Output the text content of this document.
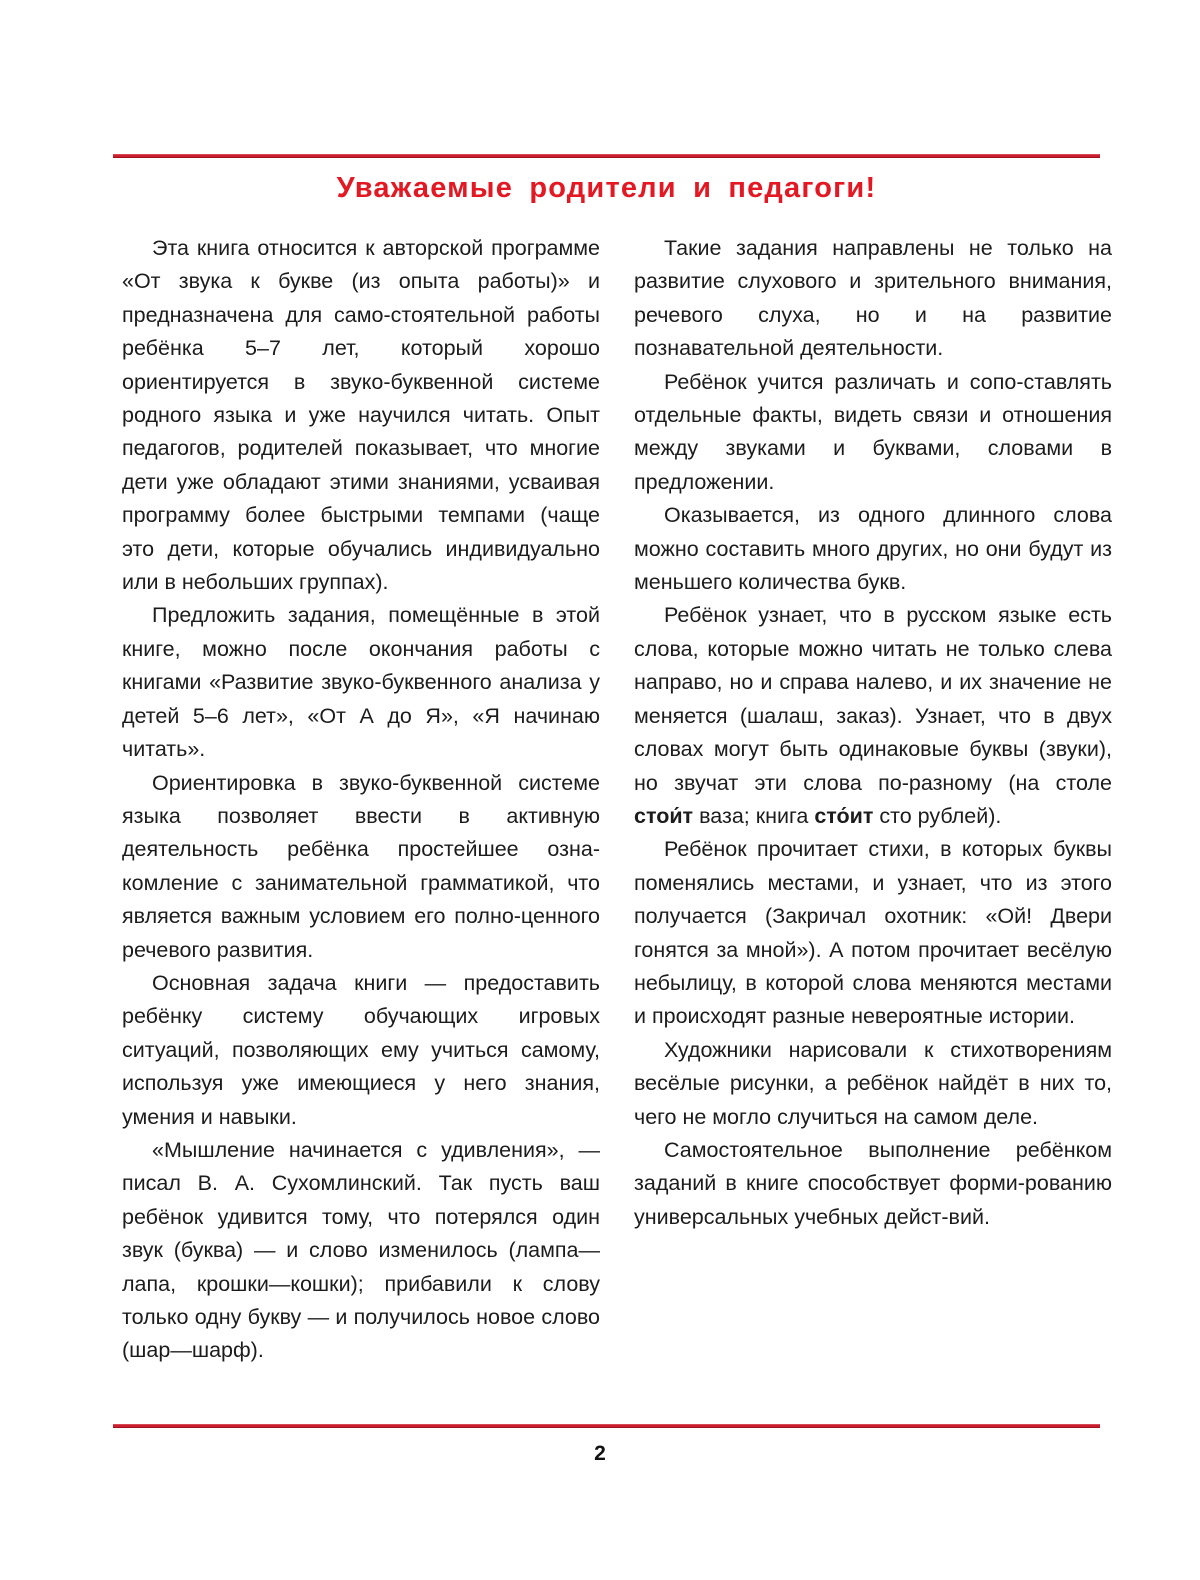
Уважаемые родители и педагоги!

Эта книга относится к авторской программе «От звука к букве (из опыта работы)» и предназначена для само-стоятельной работы ребёнка 5–7 лет, который хорошо ориентируется в звуко-буквенной системе родного языка и уже научился читать. Опыт педагогов, родителей показывает, что многие дети уже обладают этими знаниями, усваивая программу более быстрыми темпами (чаще это дети, которые обучались индивидуально или в небольших группах).

Предложить задания, помещённые в этой книге, можно после окончания работы с книгами «Развитие звуко-буквенного анализа у детей 5–6 лет», «От А до Я», «Я начинаю читать».

Ориентировка в звуко-буквенной системе языка позволяет ввести в активную деятельность ребёнка простейшее озна-комление с занимательной грамматикой, что является важным условием его полно-ценного речевого развития.

Основная задача книги — предоставить ребёнку систему обучающих игровых ситуаций, позволяющих ему учиться самому, используя уже имеющиеся у него знания, умения и навыки.

«Мышление начинается с удивления», — писал В. А. Сухомлинский. Так пусть ваш ребёнок удивится тому, что потерялся один звук (буква) — и слово изменилось (лампа—лапа, крошки—кошки); прибавили к слову только одну букву — и получилось новое слово (шар—шарф).

Такие задания направлены не только на развитие слухового и зрительного внимания, речевого слуха, но и на развитие познавательной деятельности.

Ребёнок учится различать и сопо-ставлять отдельные факты, видеть связи и отношения между звуками и буквами, словами в предложении.

Оказывается, из одного длинного слова можно составить много других, но они будут из меньшего количества букв.

Ребёнок узнает, что в русском языке есть слова, которые можно читать не только слева направо, но и справа налево, и их значение не меняется (шалаш, заказ). Узнает, что в двух словах могут быть одинаковые буквы (звуки), но звучат эти слова по-разному (на столе стои́т ваза; книга сто́ит сто рублей).

Ребёнок прочитает стихи, в которых буквы поменялись местами, и узнает, что из этого получается (Закричал охотник: «Ой! Двери гонятся за мной»). А потом прочитает весёлую небылицу, в которой слова меняются местами и происходят разные невероятные истории.

Художники нарисовали к стихотворениям весёлые рисунки, а ребёнок найдёт в них то, чего не могло случиться на самом деле.

Самостоятельное выполнение ребёнком заданий в книге способствует форми-рованию универсальных учебных дейст-вий.

2
